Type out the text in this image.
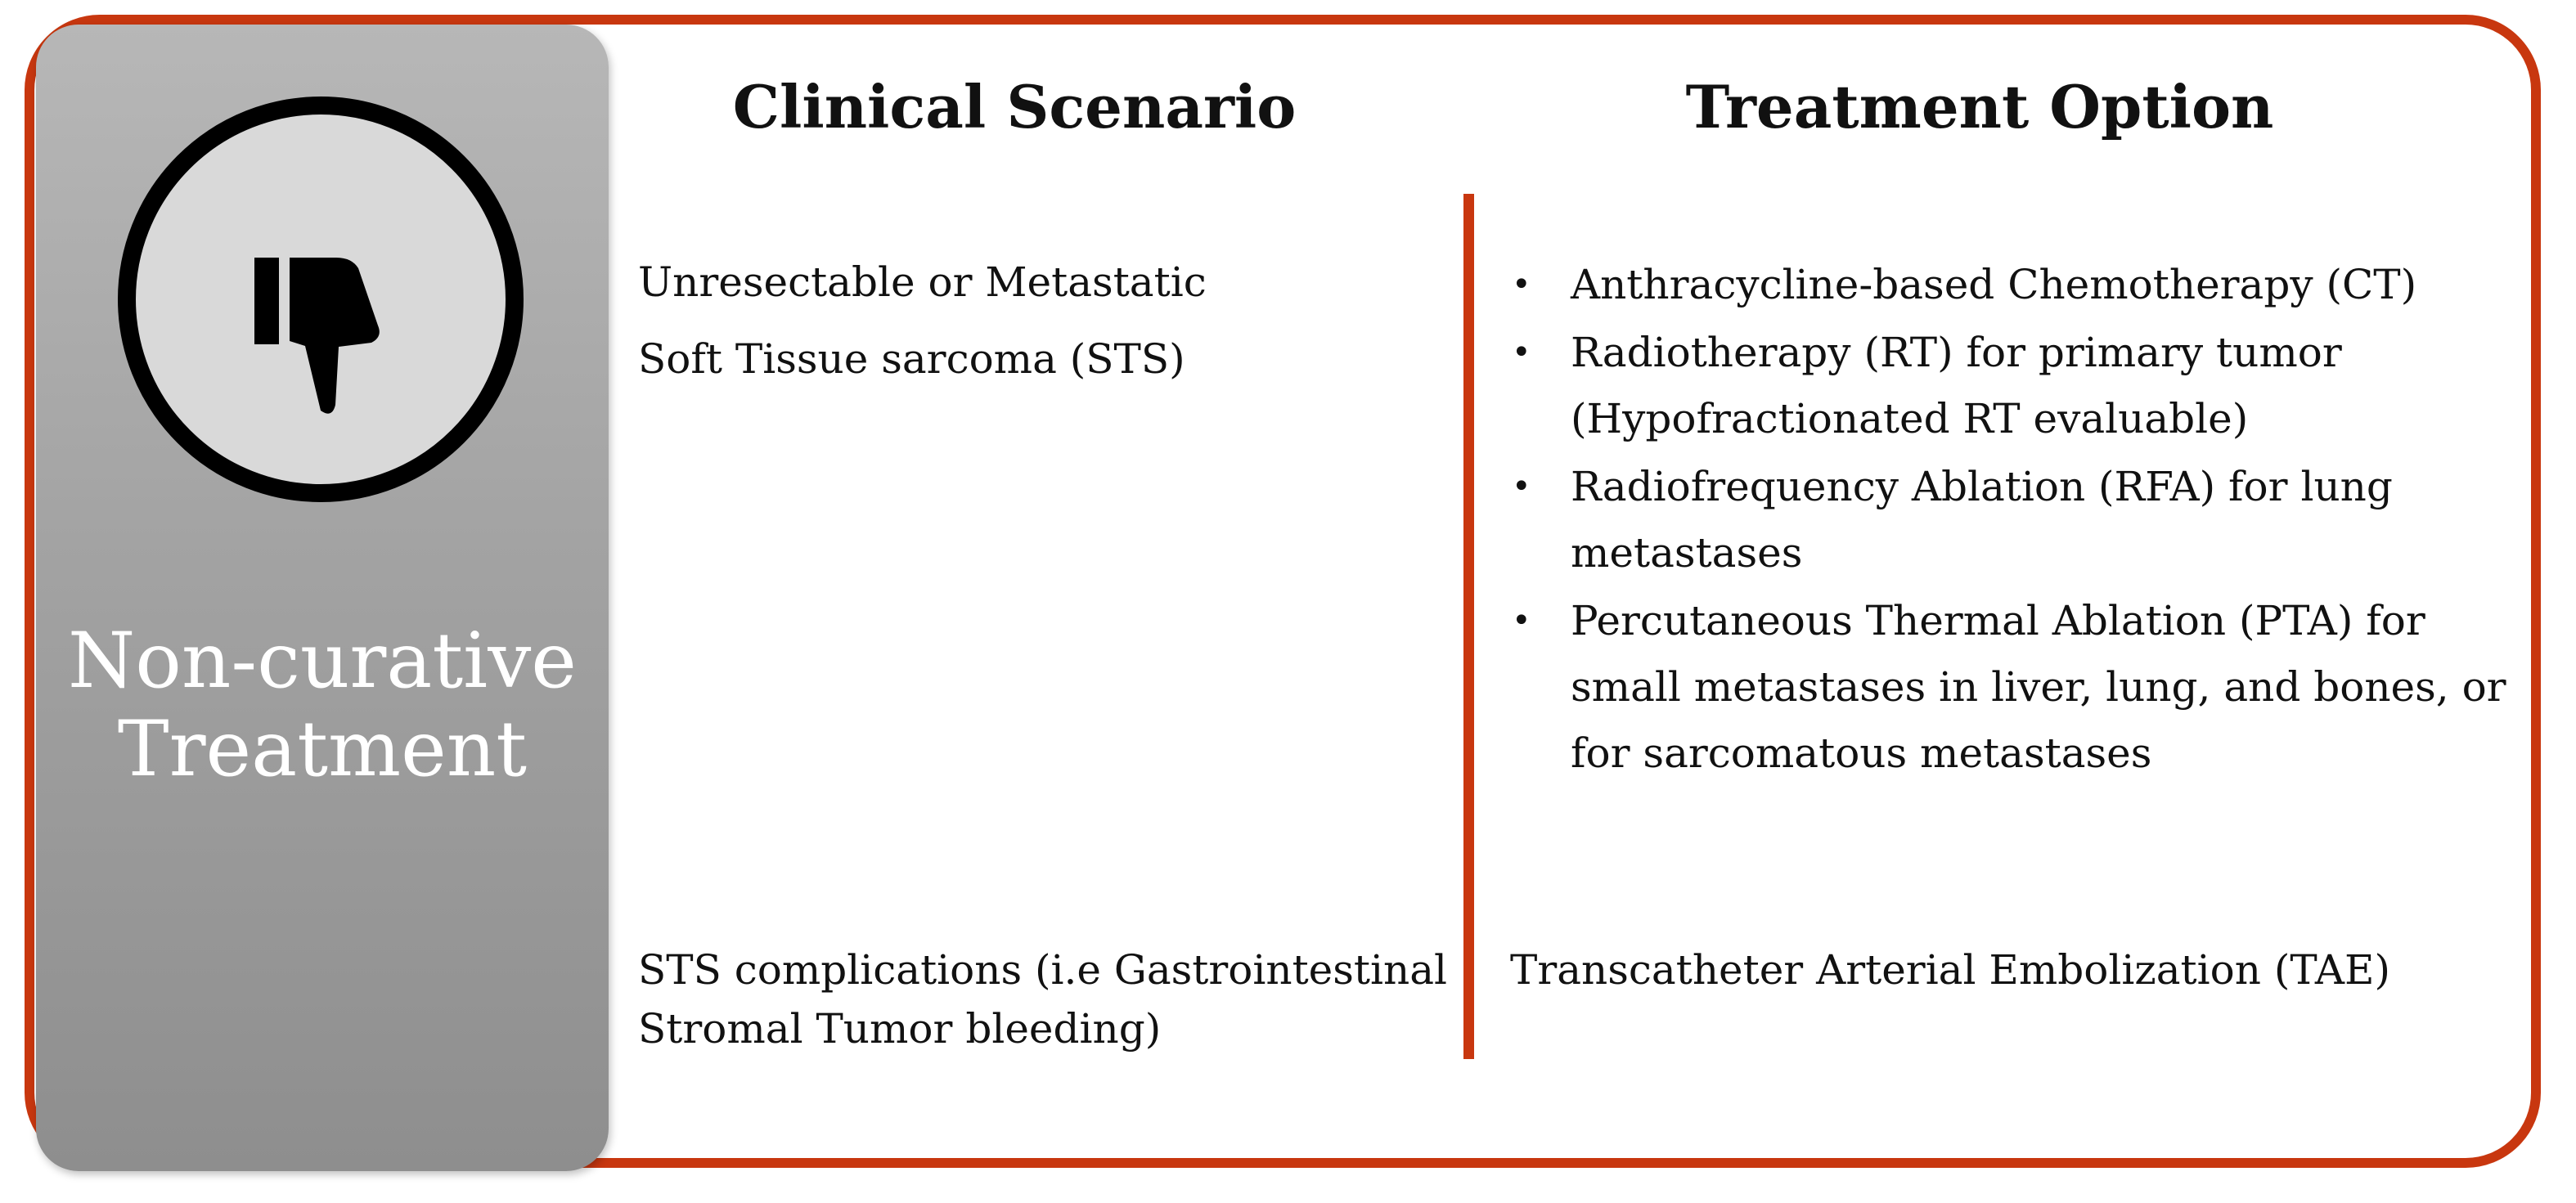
Non-curative
Treatment
Clinical Scenario	Treatment Option
Unresectable or Metastatic
Soft Tissue sarcoma (STS)
• Anthracycline-based Chemotherapy (CT)
• Radiotherapy (RT) for primary tumor
(Hypofractionated RT evaluable)
• Radiofrequency Ablation (RFA) for lung
metastases
• Percutaneous Thermal Ablation (PTA) for
small metastases in liver, lung, and bones, or
for sarcomatous metastases
STS complications (i.e Gastrointestinal
Stromal Tumor bleeding)
Transcatheter Arterial Embolization (TAE)
